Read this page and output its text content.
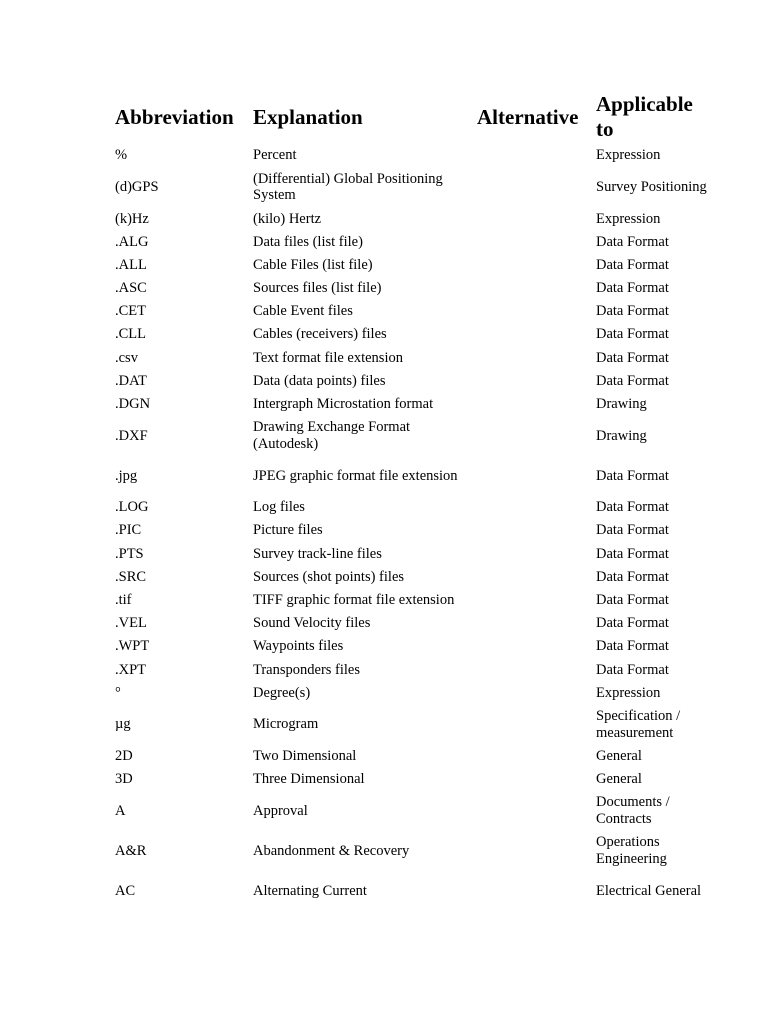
Abbreviation	Explanation	Alternative	Applicable to
%	Percent		Expression
(d)GPS	(Differential) Global Positioning System		Survey Positioning
(k)Hz	(kilo) Hertz		Expression
.ALG	Data files (list file)		Data Format
.ALL	Cable Files (list file)		Data Format
.ASC	Sources files (list file)		Data Format
.CET	Cable Event files		Data Format
.CLL	Cables (receivers) files		Data Format
.csv	Text format file extension		Data Format
.DAT	Data (data points) files		Data Format
.DGN	Intergraph Microstation format		Drawing
.DXF	Drawing Exchange Format (Autodesk)		Drawing
.jpg	JPEG graphic format file extension		Data Format
.LOG	Log files		Data Format
.PIC	Picture files		Data Format
.PTS	Survey track-line files		Data Format
.SRC	Sources (shot points) files		Data Format
.tif	TIFF graphic format file extension		Data Format
.VEL	Sound Velocity files		Data Format
.WPT	Waypoints files		Data Format
.XPT	Transponders files		Data Format
°	Degree(s)		Expression
µg	Microgram		Specification / measurement
2D	Two Dimensional		General
3D	Three Dimensional		General
A	Approval		Documents / Contracts
A&R	Abandonment & Recovery		Operations Engineering
AC	Alternating Current		Electrical General
